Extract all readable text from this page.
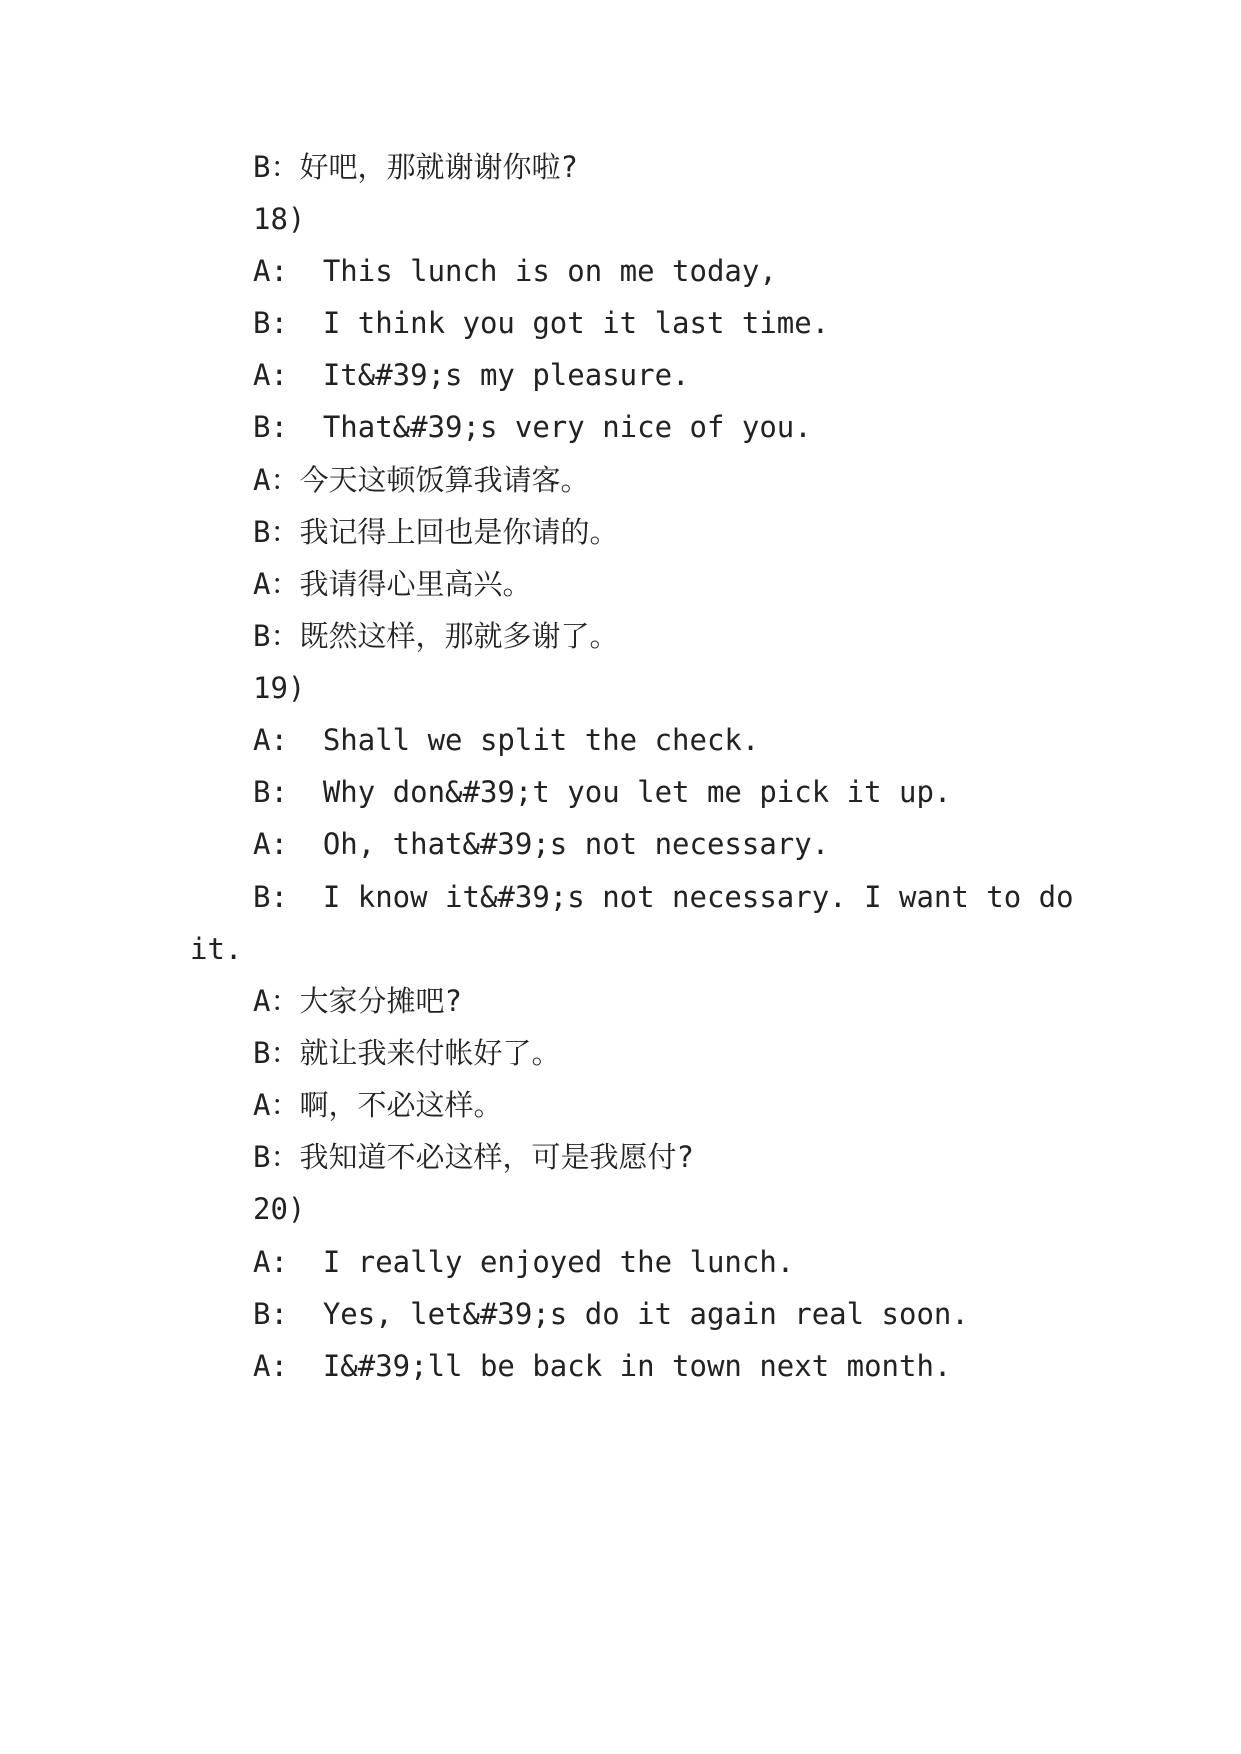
B：好吧，那就谢谢你啦?
18)
A:  This lunch is on me today,
B:  I think you got it last time.
A:  It&#39;s my pleasure.
B:  That&#39;s very nice of you.
A：今天这顿饭算我请客。
B：我记得上回也是你请的。
A：我请得心里高兴。
B：既然这样，那就多谢了。
19)
A:  Shall we split the check.
B:  Why don&#39;t you let me pick it up.
A:  Oh, that&#39;s not necessary.
B:  I know it&#39;s not necessary. I want to do
it.
A：大家分摊吧?
B：就让我来付帐好了。
A：啊，不必这样。
B：我知道不必这样，可是我愿付?
20)
A:  I really enjoyed the lunch.
B:  Yes, let&#39;s do it again real soon.
A:  I&#39;ll be back in town next month.
